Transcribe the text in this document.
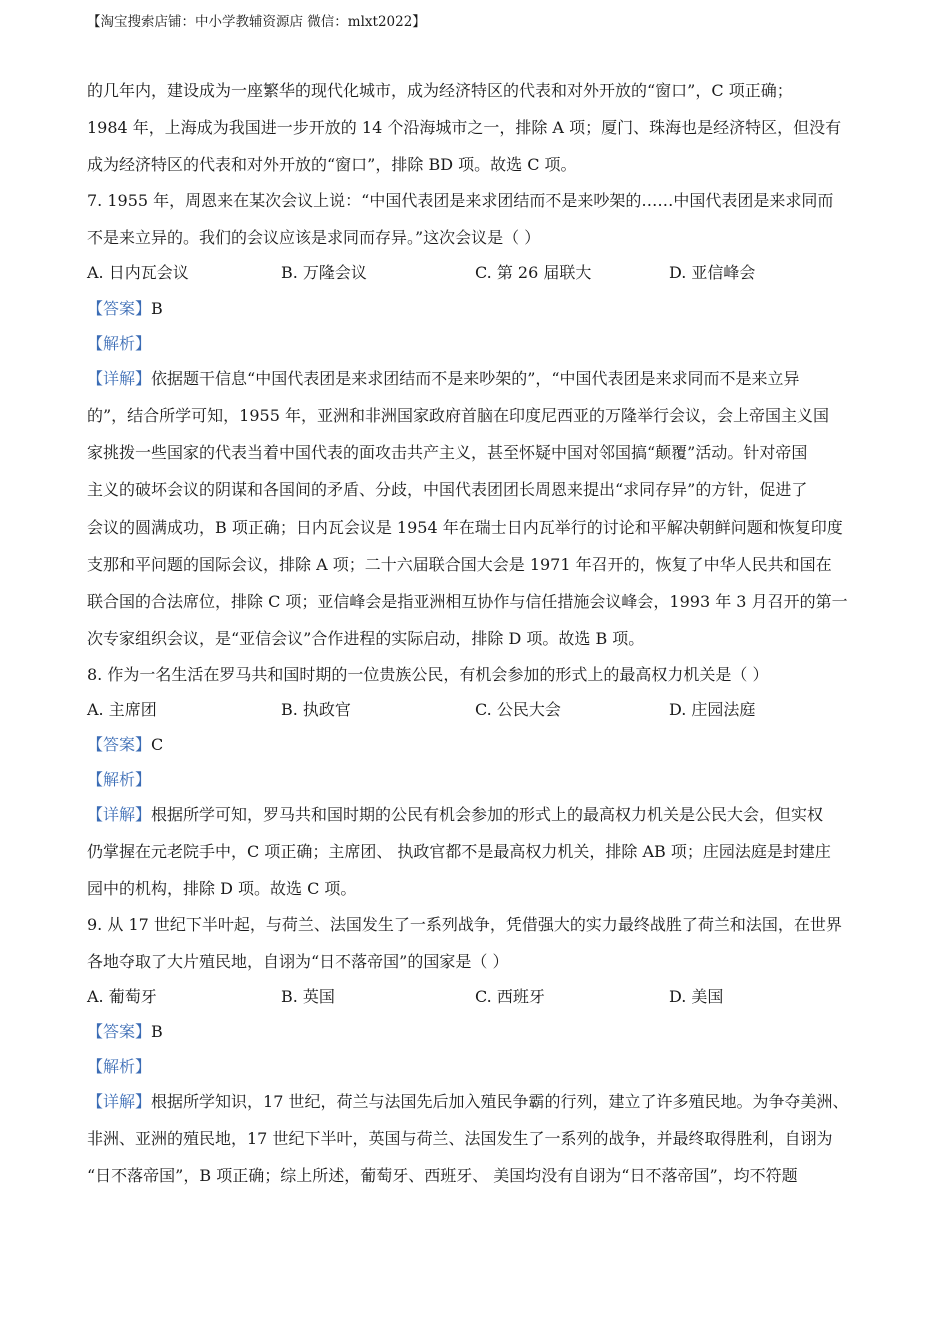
【淘宝搜索店铺：中小学教辅资源店 微信：mlxt2022】
的几年内，建设成为一座繁华的现代化城市，成为经济特区的代表和对外开放的“窗口”，C 项正确；
1984 年，上海成为我国进一步开放的 14 个沿海城市之一，排除 A 项；厦门、珠海也是经济特区，但没有
成为经济特区的代表和对外开放的“窗口”，排除 BD 项。故选 C 项。
7. 1955 年，周恩来在某次会议上说：“中国代表团是来求团结而不是来吵架的……中国代表团是来求同而
不是来立异的。我们的会议应该是求同而存异。”这次会议是（ ）
A. 日内瓦会议	B. 万隆会议	C. 第 26 届联大	D. 亚信峰会
【答案】B
【解析】
【详解】依据题干信息“中国代表团是来求团结而不是来吵架的”，“中国代表团是来求同而不是来立异
的”，结合所学可知，1955 年，亚洲和非洲国家政府首脑在印度尼西亚的万隆举行会议，会上帝国主义国
家挑拨一些国家的代表当着中国代表的面攻击共产主义，甚至怀疑中国对邻国搞“颠覆”活动。针对帝国
主义的破坏会议的阴谋和各国间的矛盾、分歧，中国代表团团长周恩来提出“求同存异”的方针，促进了
会议的圆满成功，B 项正确；日内瓦会议是 1954 年在瑞士日内瓦举行的讨论和平解决朝鲜问题和恢复印度
支那和平问题的国际会议，排除 A 项；二十六届联合国大会是 1971 年召开的，恢复了中华人民共和国在
联合国的合法席位，排除 C 项；亚信峰会是指亚洲相互协作与信任措施会议峰会，1993 年 3 月召开的第一
次专家组织会议，是“亚信会议”合作进程的实际启动，排除 D 项。故选 B 项。
8. 作为一名生活在罗马共和国时期的一位贵族公民，有机会参加的形式上的最高权力机关是（ ）
A. 主席团	B. 执政官	C. 公民大会	D. 庄园法庭
【答案】C
【解析】
【详解】根据所学可知，罗马共和国时期的公民有机会参加的形式上的最高权力机关是公民大会，但实权
仍掌握在元老院手中，C 项正确；主席团、 执政官都不是最高权力机关，排除 AB 项；庄园法庭是封建庄
园中的机构，排除 D 项。故选 C 项。
9. 从 17 世纪下半叶起，与荷兰、法国发生了一系列战争，凭借强大的实力最终战胜了荷兰和法国，在世界
各地夺取了大片殖民地，自诩为“日不落帝国”的国家是（ ）
A. 葡萄牙	B. 英国	C. 西班牙	D. 美国
【答案】B
【解析】
【详解】根据所学知识，17 世纪，荷兰与法国先后加入殖民争霸的行列，建立了许多殖民地。为争夺美洲、
非洲、亚洲的殖民地，17 世纪下半叶，英国与荷兰、法国发生了一系列的战争，并最终取得胜利，自诩为
“日不落帝国”，B 项正确；综上所述，葡萄牙、西班牙、 美国均没有自诩为“日不落帝国”，均不符题
